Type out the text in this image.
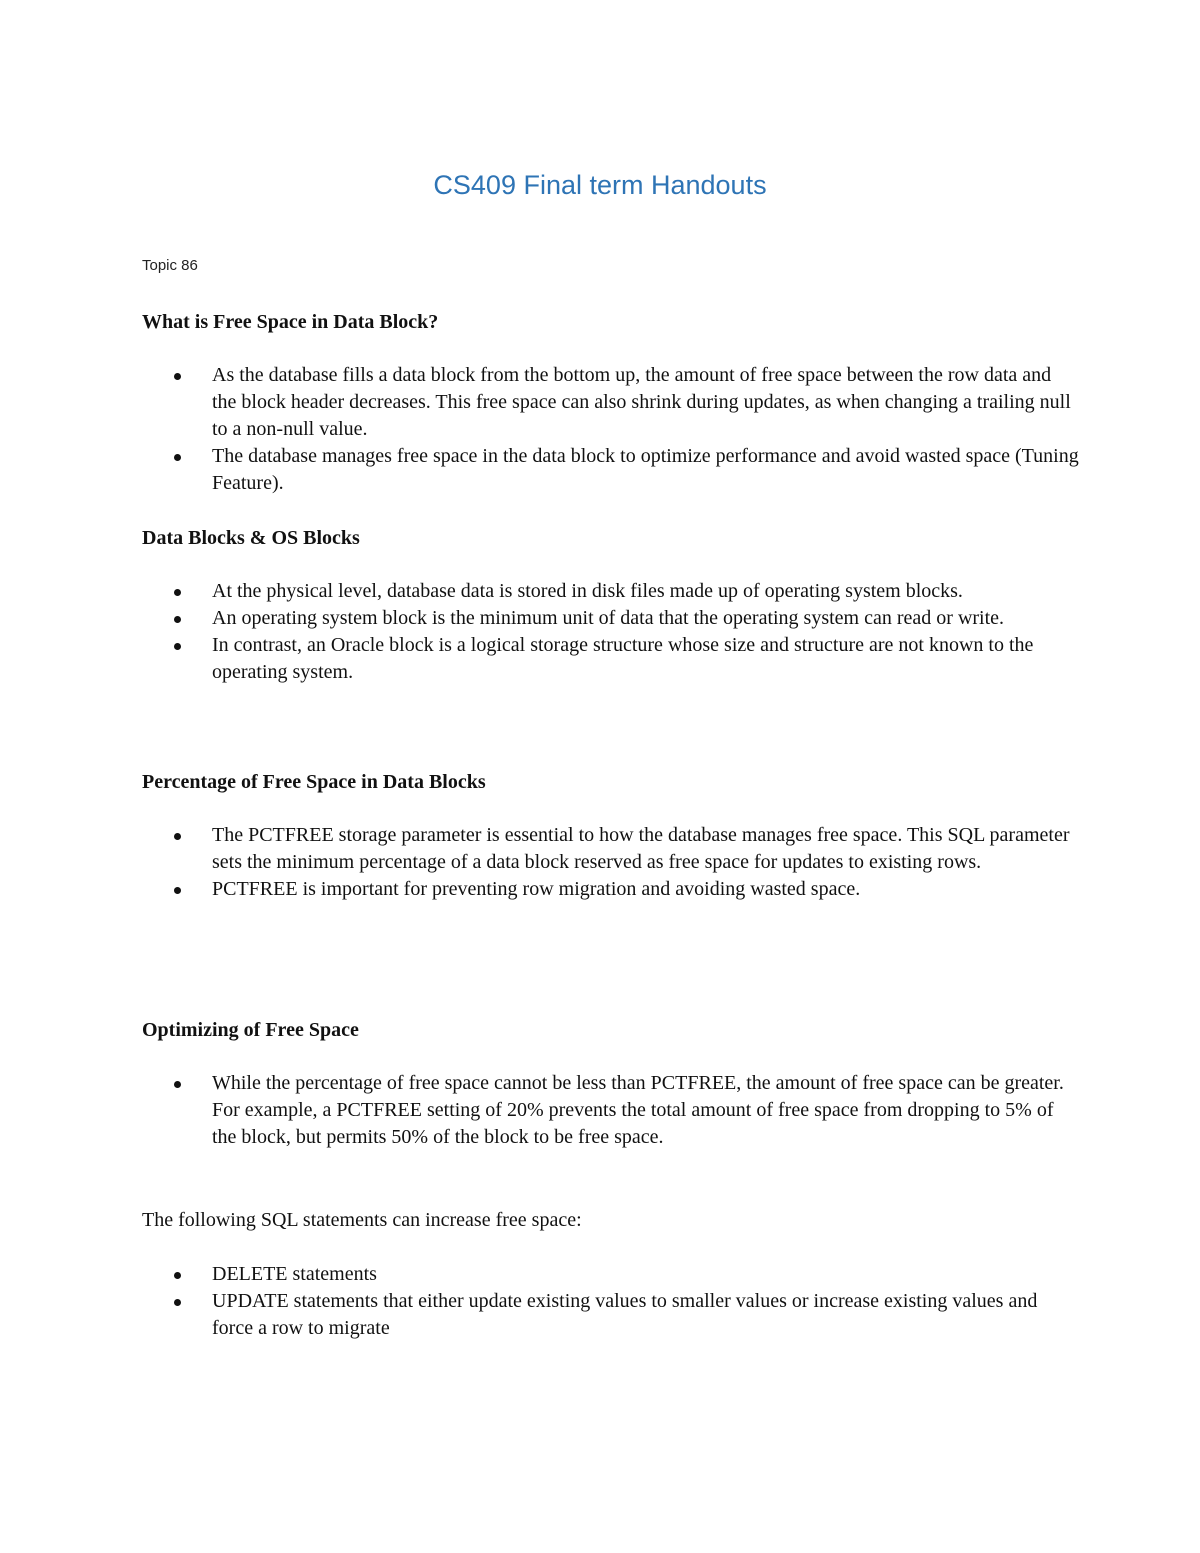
CS409 Final term Handouts
Topic 86
What is Free Space in Data Block?
As the database fills a data block from the bottom up, the amount of free space between the row data and the block header decreases. This free space can also shrink during updates, as when changing a trailing null to a non-null value.
The database manages free space in the data block to optimize performance and avoid wasted space (Tuning Feature).
Data Blocks & OS Blocks
At the physical level, database data is stored in disk files made up of operating system blocks.
An operating system block is the minimum unit of data that the operating system can read or write.
In contrast, an Oracle block is a logical storage structure whose size and structure are not known to the operating system.
Percentage of Free Space in Data Blocks
The PCTFREE storage parameter is essential to how the database manages free space. This SQL parameter sets the minimum percentage of a data block reserved as free space for updates to existing rows.
PCTFREE is important for preventing row migration and avoiding wasted space.
Optimizing of Free Space
While the percentage of free space cannot be less than PCTFREE, the amount of free space can be greater. For example, a PCTFREE setting of 20% prevents the total amount of free space from dropping to 5% of the block, but permits 50% of the block to be free space.
The following SQL statements can increase free space:
DELETE statements
UPDATE statements that either update existing values to smaller values or increase existing values and force a row to migrate
